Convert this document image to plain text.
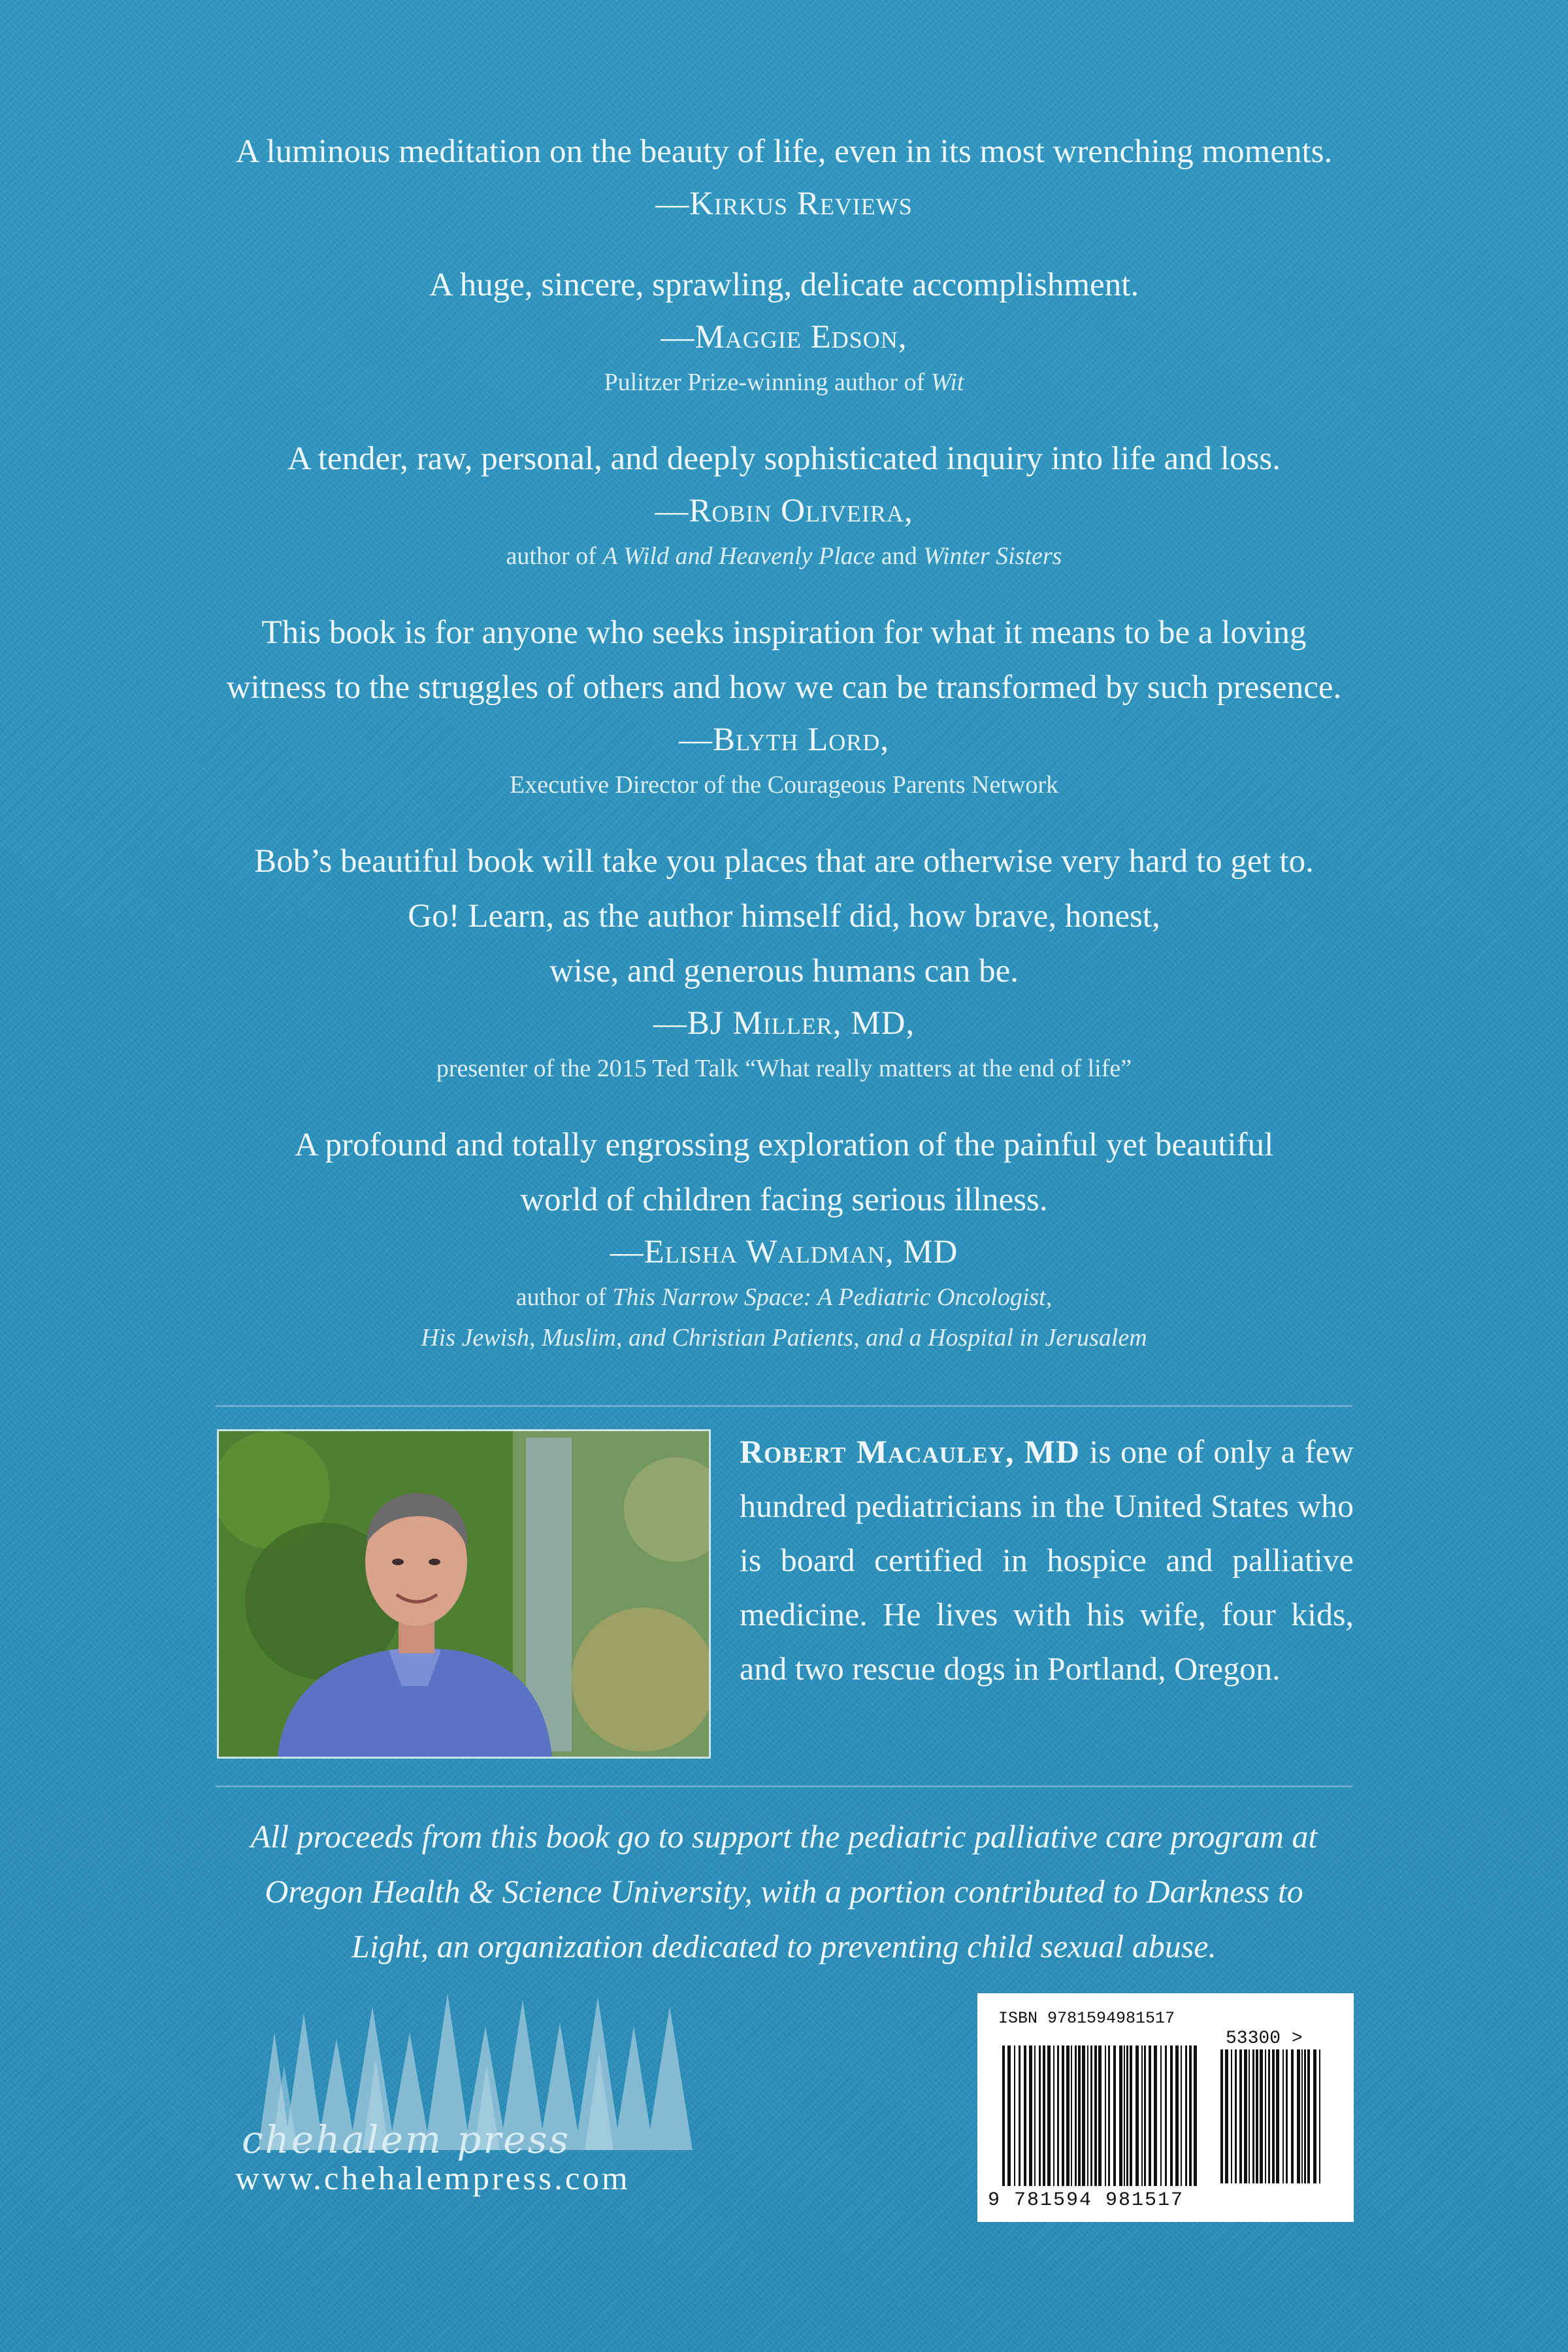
A luminous meditation on the beauty of life, even in its most wrenching moments.
—Kirkus Reviews
A huge, sincere, sprawling, delicate accomplishment.
—Maggie Edson,
Pulitzer Prize-winning author of Wit
A tender, raw, personal, and deeply sophisticated inquiry into life and loss.
—Robin Oliveira,
author of A Wild and Heavenly Place and Winter Sisters
This book is for anyone who seeks inspiration for what it means to be a loving
witness to the struggles of others and how we can be transformed by such presence.
—Blyth Lord,
Executive Director of the Courageous Parents Network
Bob’s beautiful book will take you places that are otherwise very hard to get to.
Go! Learn, as the author himself did, how brave, honest,
wise, and generous humans can be.
—BJ Miller, MD,
presenter of the 2015 Ted Talk “What really matters at the end of life”
A profound and totally engrossing exploration of the painful yet beautiful
world of children facing serious illness.
—Elisha Waldman, MD
author of This Narrow Space: A Pediatric Oncologist,
His Jewish, Muslim, and Christian Patients, and a Hospital in Jerusalem
Robert Macauley, MD is one of only a few hundred pediatricians in the United States who is board certified in hospice and palliative medicine. He lives with his wife, four kids, and two rescue dogs in Portland, Oregon.
All proceeds from this book go to support the pediatric palliative care program at
Oregon Health & Science University, with a portion contributed to Darkness to
Light, an organization dedicated to preventing child sexual abuse.
chehalem press
www.chehalempress.com
ISBN 9781594981517
53300 >
9 781594 981517
